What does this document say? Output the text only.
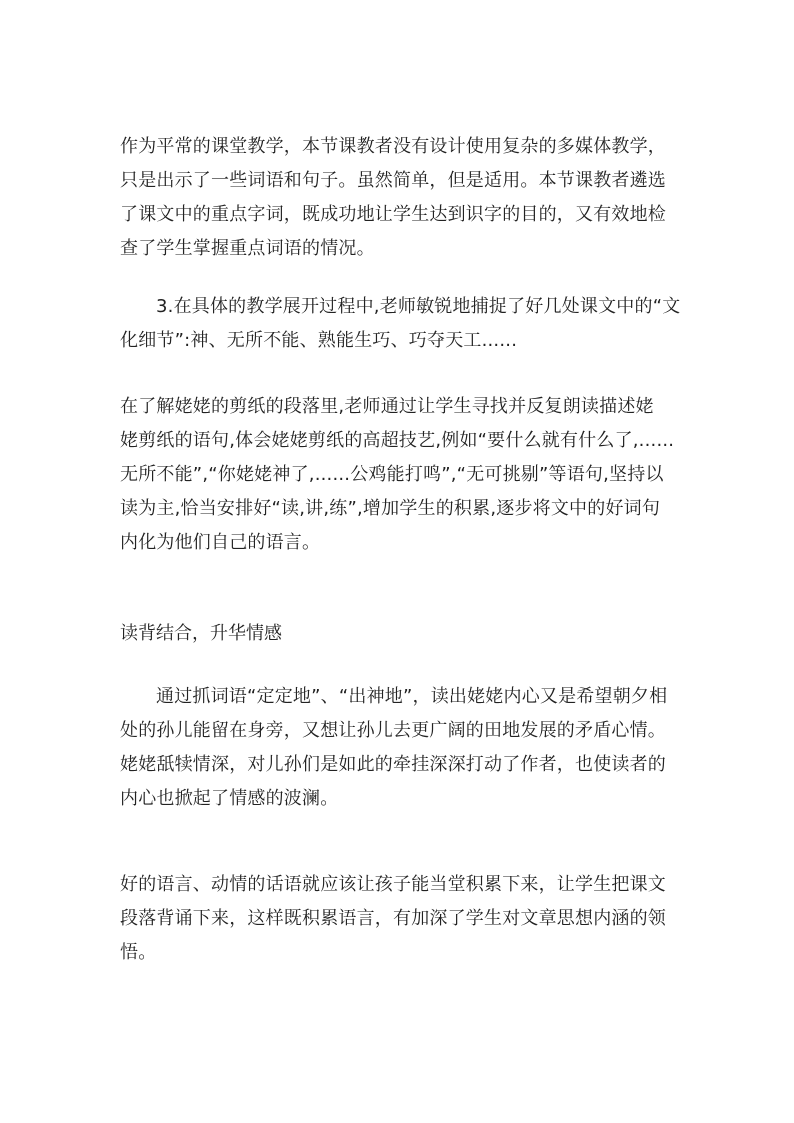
作为平常的课堂教学，本节课教者没有设计使用复杂的多媒体教学，
只是出示了一些词语和句子。虽然简单，但是适用。本节课教者遴选
了课文中的重点字词，既成功地让学生达到识字的目的，又有效地检
查了学生掌握重点词语的情况。

3.在具体的教学展开过程中,老师敏锐地捕捉了好几处课文中的“文
化细节”:神、无所不能、熟能生巧、巧夺天工......

在了解姥姥的剪纸的段落里,老师通过让学生寻找并反复朗读描述姥
姥剪纸的语句,体会姥姥剪纸的高超技艺,例如“要什么就有什么了,......
无所不能”,“你姥姥神了,......公鸡能打鸣”,“无可挑剔”等语句,坚持以
读为主,恰当安排好“读,讲,练”,增加学生的积累,逐步将文中的好词句
内化为他们自己的语言。

读背结合，升华情感

通过抓词语“定定地”、“出神地”，读出姥姥内心又是希望朝夕相
处的孙儿能留在身旁，又想让孙儿去更广阔的田地发展的矛盾心情。
姥姥舐犊情深，对儿孙们是如此的牵挂深深打动了作者，也使读者的
内心也掀起了情感的波澜。

好的语言、动情的话语就应该让孩子能当堂积累下来，让学生把课文
段落背诵下来，这样既积累语言，有加深了学生对文章思想内涵的领
悟。
